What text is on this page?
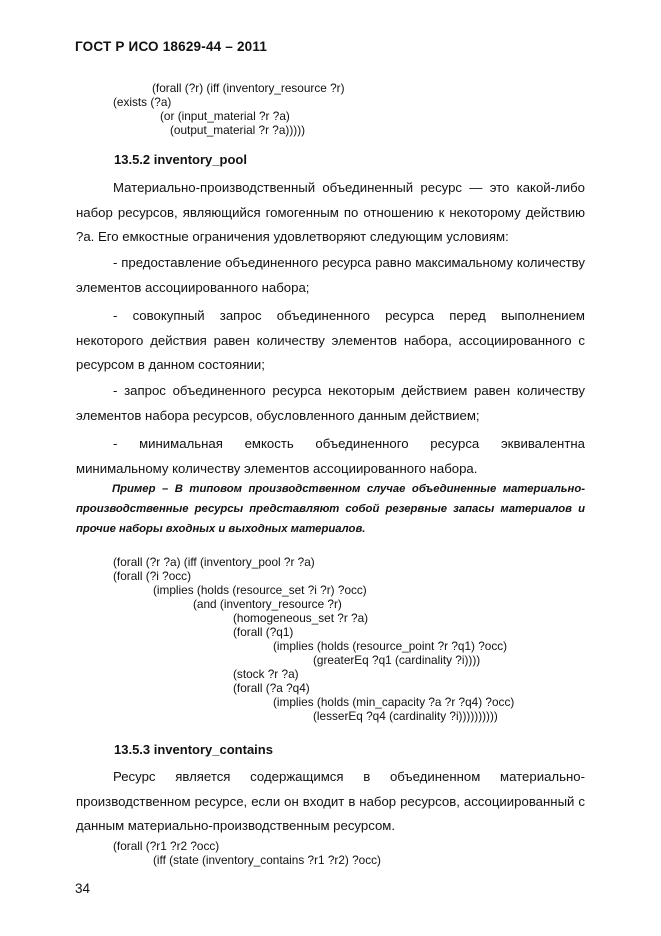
ГОСТ Р ИСО 18629-44 – 2011
(forall (?r) (iff (inventory_resource ?r)
(exists (?a)
(or (input_material ?r ?a)
(output_material ?r ?a)))))
13.5.2 inventory_pool
Материально-производственный объединенный ресурс — это какой-либо набор ресурсов, являющийся гомогенным по отношению к некоторому действию ?a. Его емкостные ограничения удовлетворяют следующим условиям:
- предоставление объединенного ресурса равно максимальному количеству элементов ассоциированного набора;
- совокупный запрос объединенного ресурса перед выполнением некоторого действия равен количеству элементов набора, ассоциированного с ресурсом в данном состоянии;
- запрос объединенного ресурса некоторым действием равен количеству элементов набора ресурсов, обусловленного данным действием;
- минимальная емкость объединенного ресурса эквивалентна минимальному количеству элементов ассоциированного набора.
Пример – В типовом производственном случае объединенные материально-производственные ресурсы представляют собой резервные запасы материалов и прочие наборы входных и выходных материалов.
(forall (?r ?a) (iff (inventory_pool ?r ?a)
(forall (?i ?occ)
(implies (holds (resource_set ?i ?r) ?occ)
(and (inventory_resource ?r)
(homogeneous_set ?r ?a)
(forall (?q1)
(implies (holds (resource_point ?r ?q1) ?occ)
(greaterEq ?q1 (cardinality ?i))))
(stock ?r ?a)
(forall (?a ?q4)
(implies (holds (min_capacity ?a ?r ?q4) ?occ)
(lesserEq ?q4 (cardinality ?i))))))))))
13.5.3 inventory_contains
Ресурс является содержащимся в объединенном материально-производственном ресурсе, если он входит в набор ресурсов, ассоциированный с данным материально-производственным ресурсом.
(forall (?r1 ?r2 ?occ)
(iff (state (inventory_contains ?r1 ?r2) ?occ)
34
